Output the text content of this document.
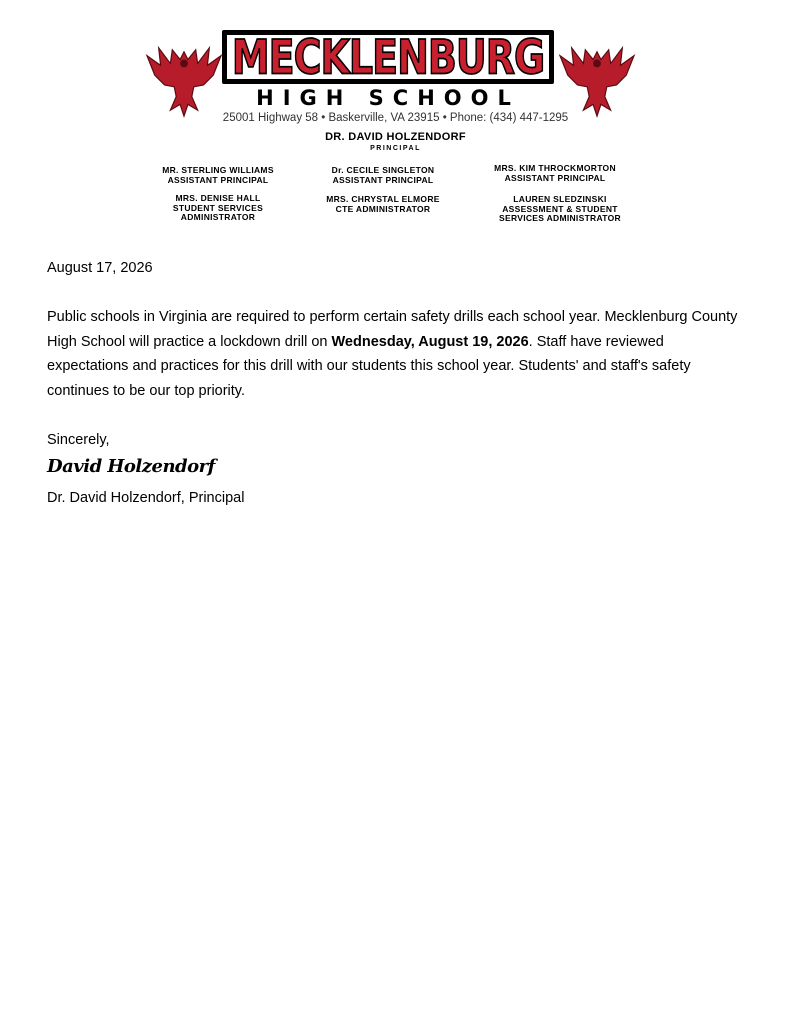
MECKLENBURG
HIGH SCHOOL
25001 Highway 58 • Baskerville, VA 23915 • Phone: (434) 447-1295
DR. DAVID HOLZENDORF
PRINCIPAL
MR. STERLING WILLIAMS
ASSISTANT PRINCIPAL
Dr. CECILE SINGLETON
ASSISTANT PRINCIPAL
MRS. KIM THROCKMORTON
ASSISTANT PRINCIPAL
MRS. DENISE HALL
STUDENT SERVICES
ADMINISTRATOR
MRS. CHRYSTAL ELMORE
CTE ADMINISTRATOR
LAUREN SLEDZINSKI
ASSESSMENT & STUDENT
SERVICES ADMINISTRATOR
August 17, 2026
Public schools in Virginia are required to perform certain safety drills each school year. Mecklenburg County High School will practice a lockdown drill on Wednesday, August 19, 2026. Staff have reviewed expectations and practices for this drill with our students this school year. Students' and staff's safety continues to be our top priority.
Sincerely,
David Holzendorf
Dr. David Holzendorf, Principal
